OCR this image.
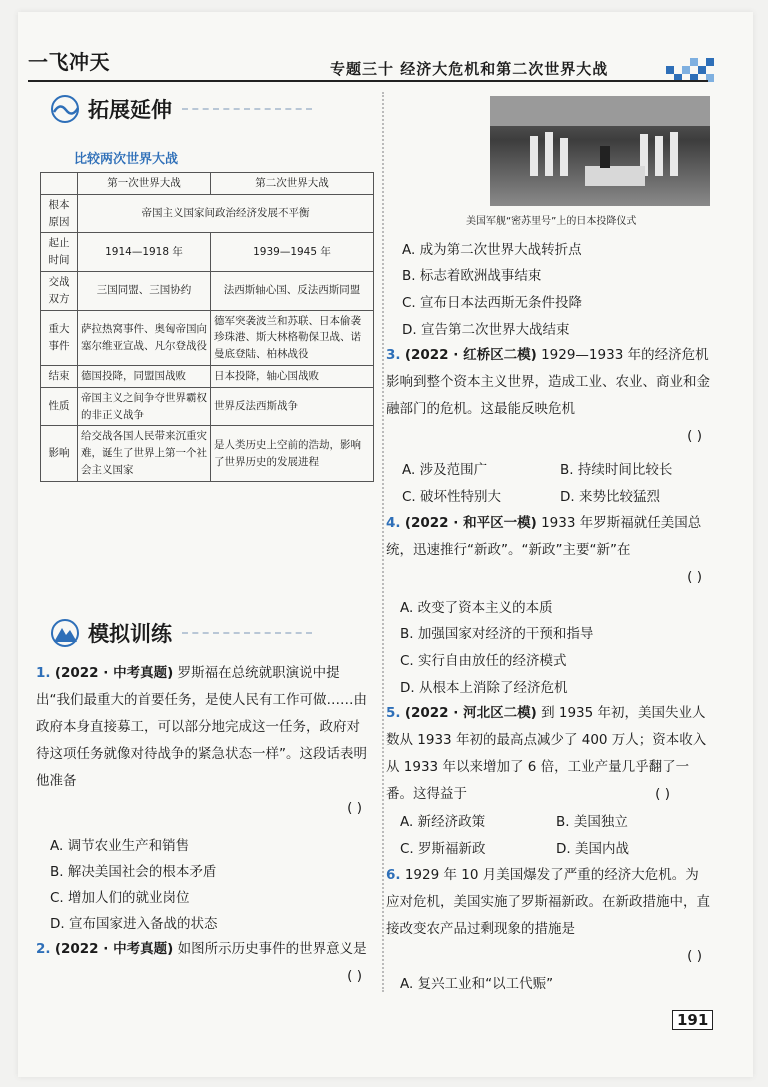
一飞冲天	专题三十 经济大危机和第二次世界大战
拓展延伸
比较两次世界大战
	第一次世界大战	第二次世界大战
根本原因	帝国主义国家间政治经济发展不平衡	
起止时间	1914—1918 年	1939—1945 年
交战双方	三国同盟、三国协约	法西斯轴心国、反法西斯同盟
重大事件	萨拉热窝事件、奥匈帝国向塞尔维亚宣战、凡尔登战役	德军突袭波兰和苏联、日本偷袭珍珠港、斯大林格勒保卫战、诺曼底登陆、柏林战役
结束	德国投降，同盟国战败	日本投降，轴心国战败
性质	帝国主义之间争夺世界霸权的非正义战争	世界反法西斯战争
影响	给交战各国人民带来沉重灾难，诞生了世界上第一个社会主义国家	是人类历史上空前的浩劫，影响了世界历史的发展进程
模拟训练
1. (2022 · 中考真题) 罗斯福在总统就职演说中提出“我们最重大的首要任务，是使人民有工作可做……由政府本身直接募工，可以部分地完成这一任务，政府对待这项任务就像对待战争的紧急状态一样”。这段话表明他准备
( )
A. 调节农业生产和销售
B. 解决美国社会的根本矛盾
C. 增加人们的就业岗位
D. 宣布国家进入备战的状态
2. (2022 · 中考真题) 如图所示历史事件的世界意义是
( )
美国军舰“密苏里号”上的日本投降仪式
A. 成为第二次世界大战转折点
B. 标志着欧洲战事结束
C. 宣布日本法西斯无条件投降
D. 宣告第二次世界大战结束
3. (2022 · 红桥区二模) 1929—1933 年的经济危机影响到整个资本主义世界，造成工业、农业、商业和金融部门的危机。这最能反映危机
( )
A. 涉及范围广	B. 持续时间比较长
C. 破坏性特别大	D. 来势比较猛烈
4. (2022 · 和平区一模) 1933 年罗斯福就任美国总统，迅速推行“新政”。“新政”主要“新”在
( )
A. 改变了资本主义的本质
B. 加强国家对经济的干预和指导
C. 实行自由放任的经济模式
D. 从根本上消除了经济危机
5. (2022 · 河北区二模) 到 1935 年初，美国失业人数从 1933 年初的最高点减少了 400 万人；资本收入从 1933 年以来增加了 6 倍，工业产量几乎翻了一番。这得益于	( )
A. 新经济政策	B. 美国独立
C. 罗斯福新政	D. 美国内战
6. 1929 年 10 月美国爆发了严重的经济大危机。为应对危机，美国实施了罗斯福新政。在新政措施中，直接改变农产品过剩现象的措施是
( )
A. 复兴工业和“以工代赈”
191
